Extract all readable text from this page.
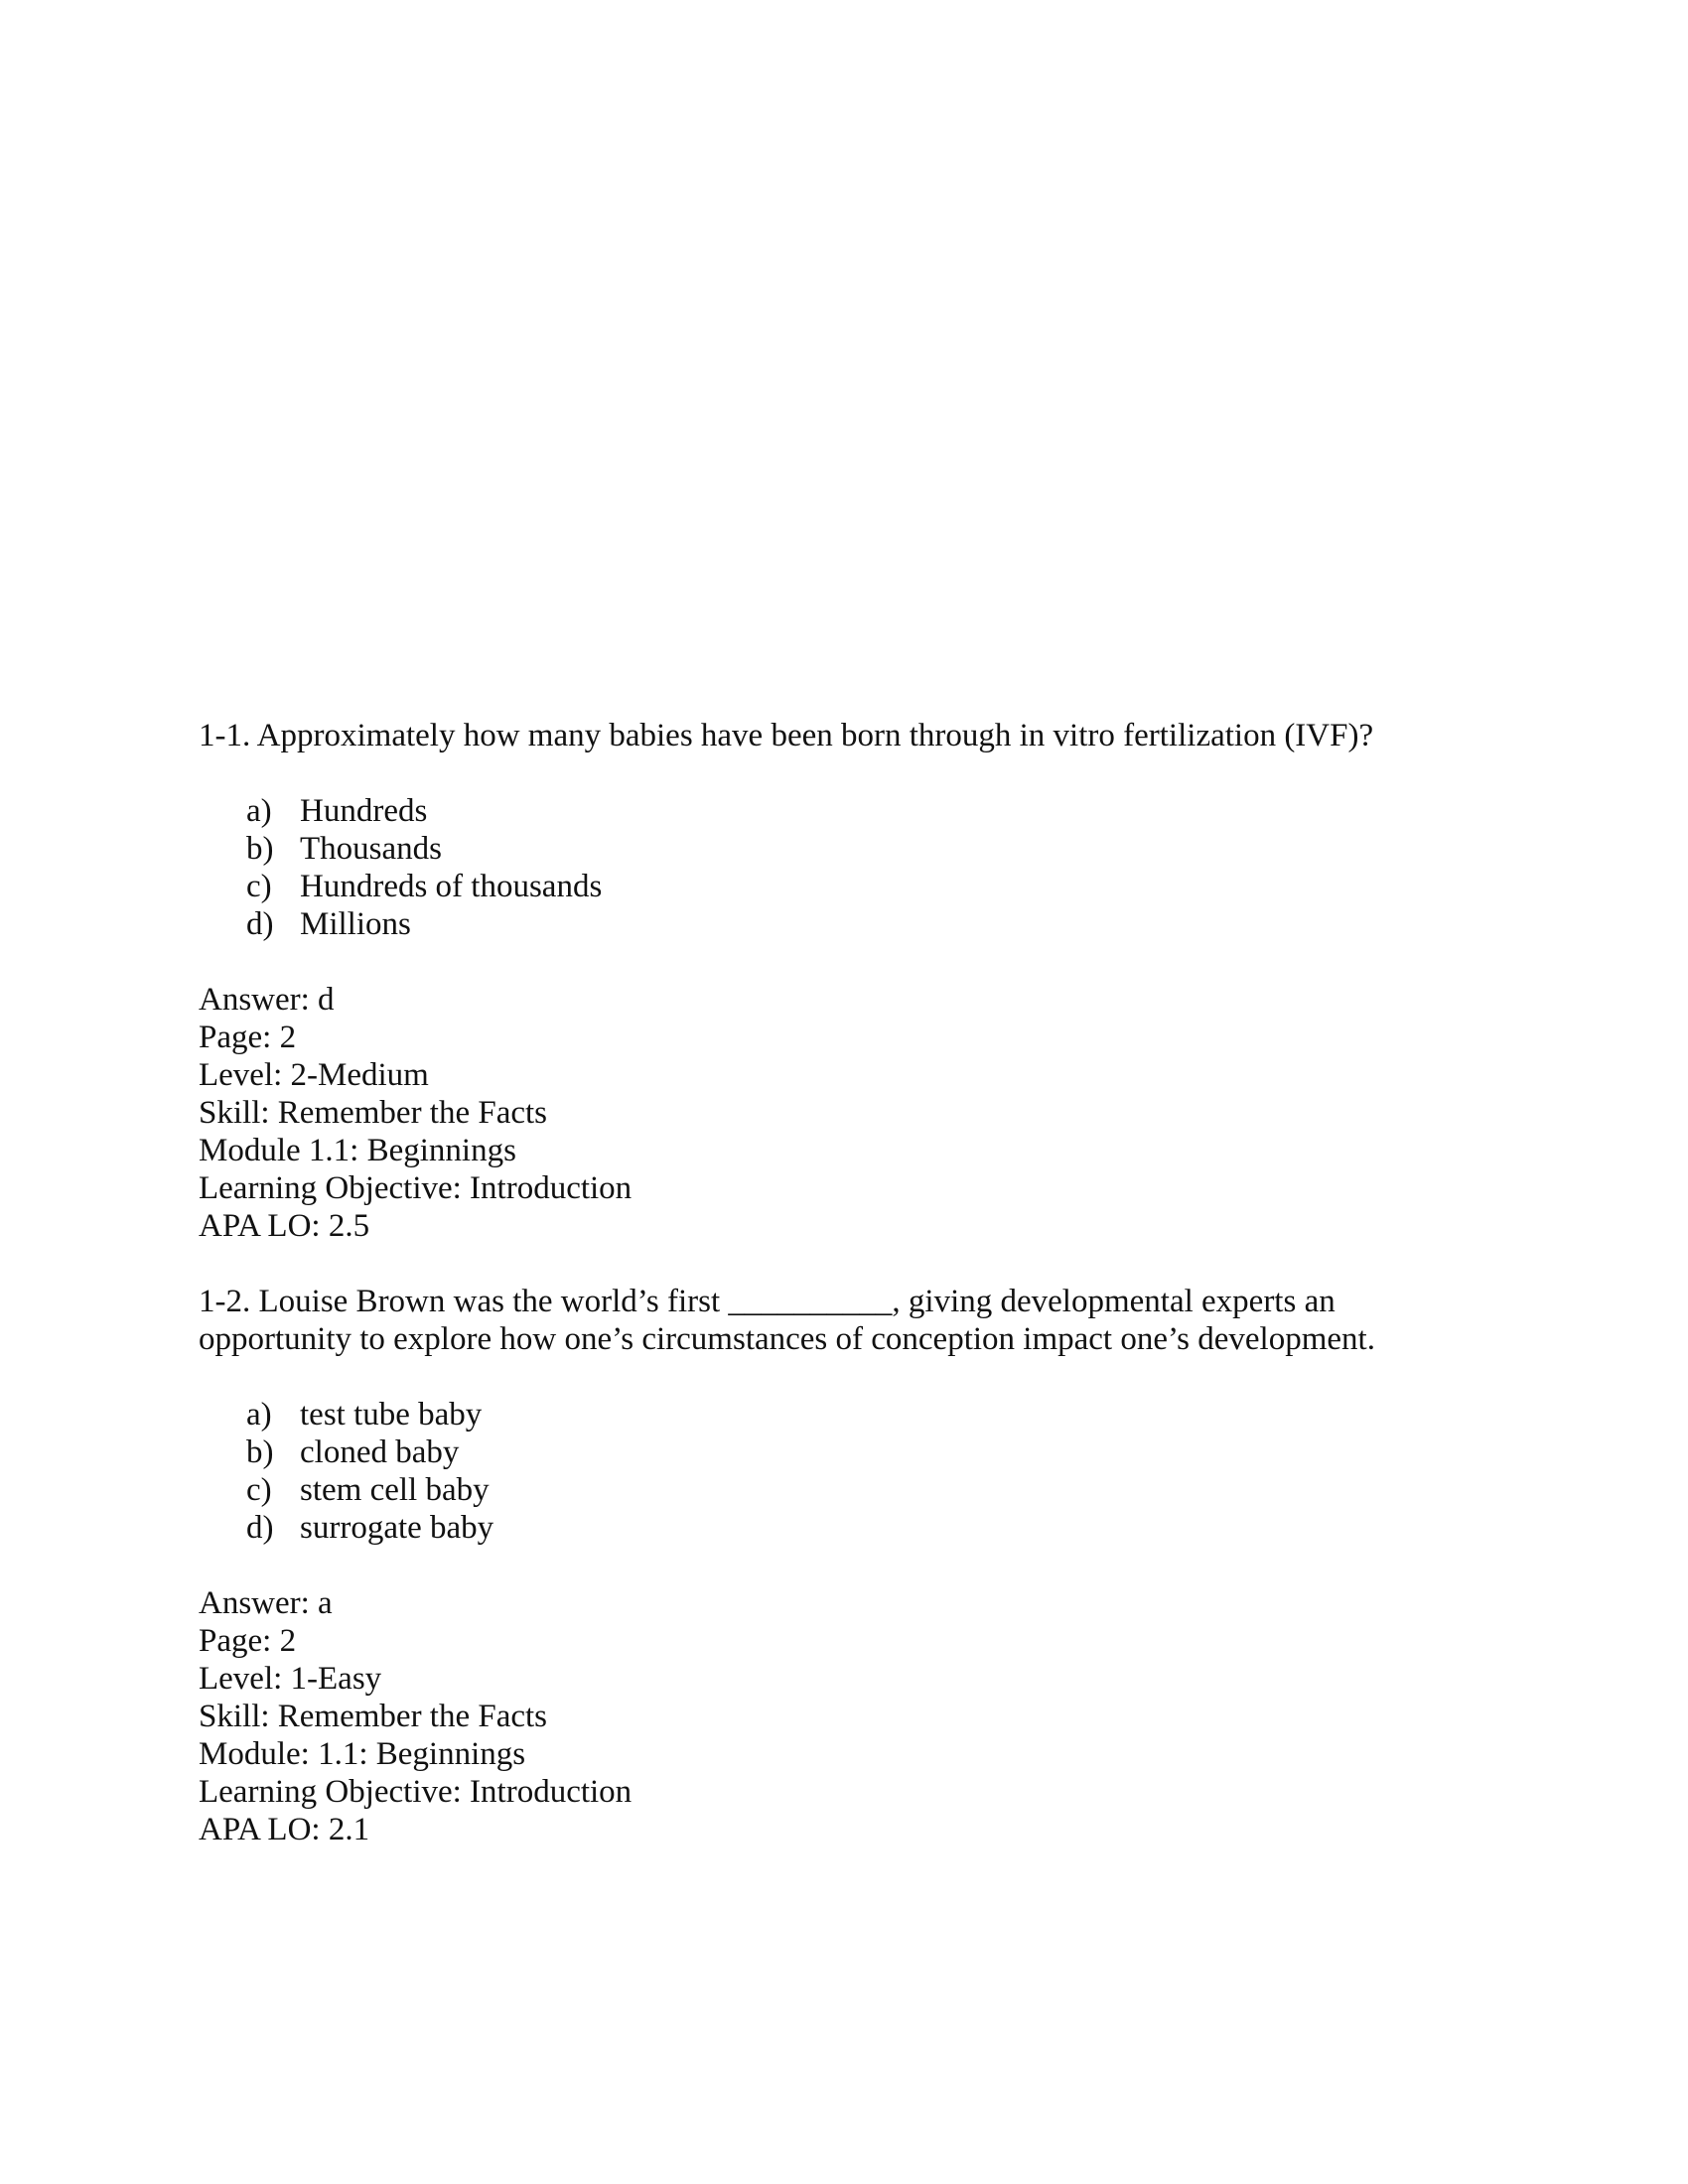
1-1. Approximately how many babies have been born through in vitro fertilization (IVF)?

a) Hundreds
b) Thousands
c) Hundreds of thousands
d) Millions

Answer: d

Page: 2

Level: 2-Medium

Skill: Remember the Facts

Module 1.1: Beginnings

Learning Objective: Introduction

APA LO: 2.5

1-2. Louise Brown was the world’s first __________, giving developmental experts an

opportunity to explore how one’s circumstances of conception impact one’s development.

a) test tube baby
b) cloned baby
c) stem cell baby
d) surrogate baby

Answer: a

Page: 2

Level: 1-Easy

Skill: Remember the Facts

Module: 1.1: Beginnings

Learning Objective: Introduction

APA LO: 2.1
